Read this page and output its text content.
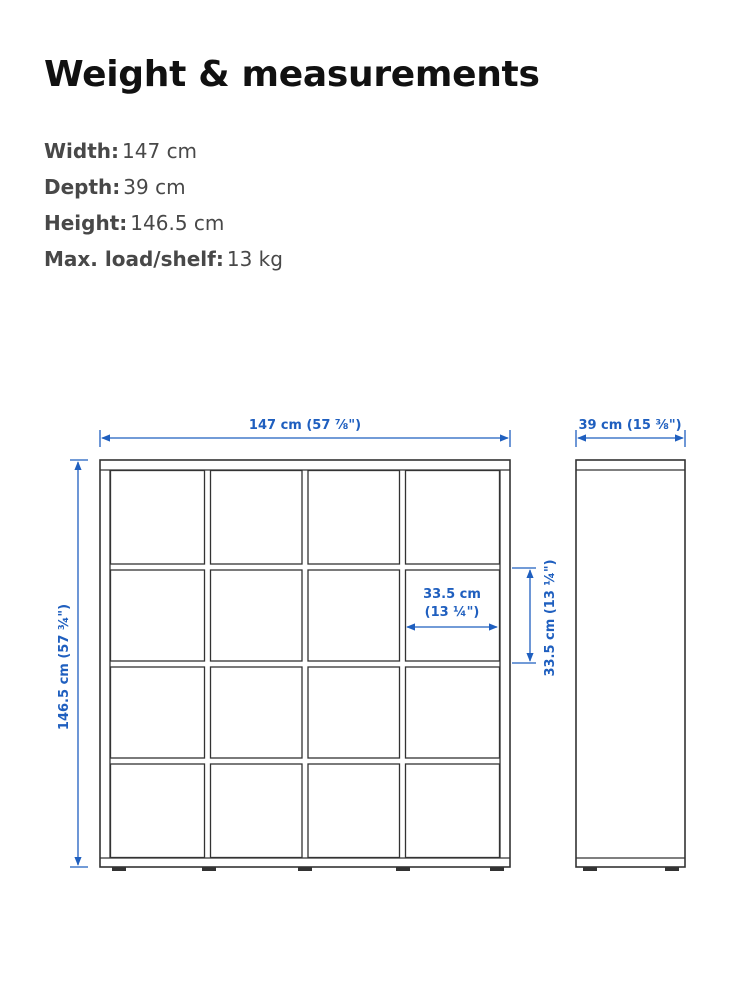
Weight & measurements
Width: 147 cm
Depth: 39 cm
Height: 146.5 cm
Max. load/shelf: 13 kg
147 cm (57 ⅞")	39 cm (15 ⅜")
146.5 cm (57 ¾")
33.5 cm
(13 ¼")	33.5 cm (13 ¼")
